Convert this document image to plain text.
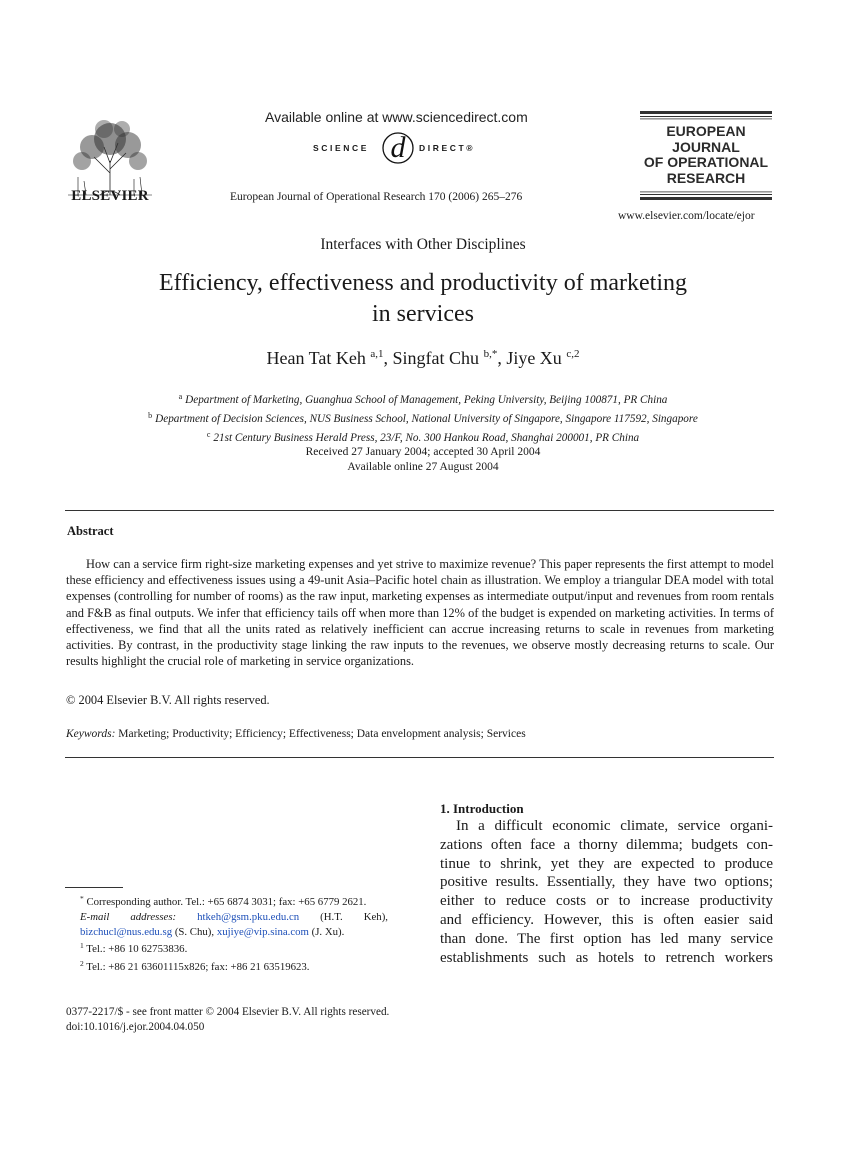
ELSEVIER
Available online at www.sciencedirect.com
SCIENCE d DIRECT®
European Journal of Operational Research 170 (2006) 265–276
EUROPEAN
JOURNAL
OF OPERATIONAL
RESEARCH
www.elsevier.com/locate/ejor
Interfaces with Other Disciplines
Efficiency, effectiveness and productivity of marketing
in services
Hean Tat Keh $^{a,1}$, Singfat Chu $^{b,*}$, Jiye Xu $^{c,2}$
$^a$ Department of Marketing, Guanghua School of Management, Peking University, Beijing 100871, PR China
$^b$ Department of Decision Sciences, NUS Business School, National University of Singapore, Singapore 117592, Singapore
$^c$ 21st Century Business Herald Press, 23/F, No. 300 Hankou Road, Shanghai 200001, PR China
Received 27 January 2004; accepted 30 April 2004
Available online 27 August 2004
Abstract

How can a service firm right-size marketing expenses and yet strive to maximize revenue? This paper represents the first attempt to model these efficiency and effectiveness issues using a 49-unit Asia–Pacific hotel chain as illustration. We employ a triangular DEA model with total expenses (controlling for number of rooms) as the raw input, marketing expenses as intermediate output/input and revenues from room rentals and F&B as final outputs. We infer that efficiency tails off when more than 12% of the budget is expended on marketing activities. In terms of effectiveness, we find that all the units rated as relatively inefficient can accrue increasing returns to scale in revenues from marketing activities. By contrast, in the productivity stage linking the raw inputs to the revenues, we observe mostly decreasing returns to scale. Our results highlight the crucial role of marketing in service organizations.

© 2004 Elsevier B.V. All rights reserved.
Keywords: Marketing; Productivity; Efficiency; Effectiveness; Data envelopment analysis; Services

* Corresponding author. Tel.: +65 6874 3031; fax: +65 6779 2621.

E-mail addresses: htkeh@gsm.pku.edu.cn (H.T. Keh), bizchucl@nus.edu.sg (S. Chu), xujiye@vip.sina.com (J. Xu).

$^1$ Tel.: +86 10 62753836.

$^2$ Tel.: +86 21 63601115x826; fax: +86 21 63519623.

0377-2217/$ - see front matter © 2004 Elsevier B.V. All rights reserved.
doi:10.1016/j.ejor.2004.04.050
1. Introduction
In a difficult economic climate, service organi-
zations often face a thorny dilemma; budgets con-
tinue to shrink, yet they are expected to produce
positive results. Essentially, they have two options;
either to reduce costs or to increase productivity
and efficiency. However, this is often easier said
than done. The first option has led many service
establishments such as hotels to retrench workers
